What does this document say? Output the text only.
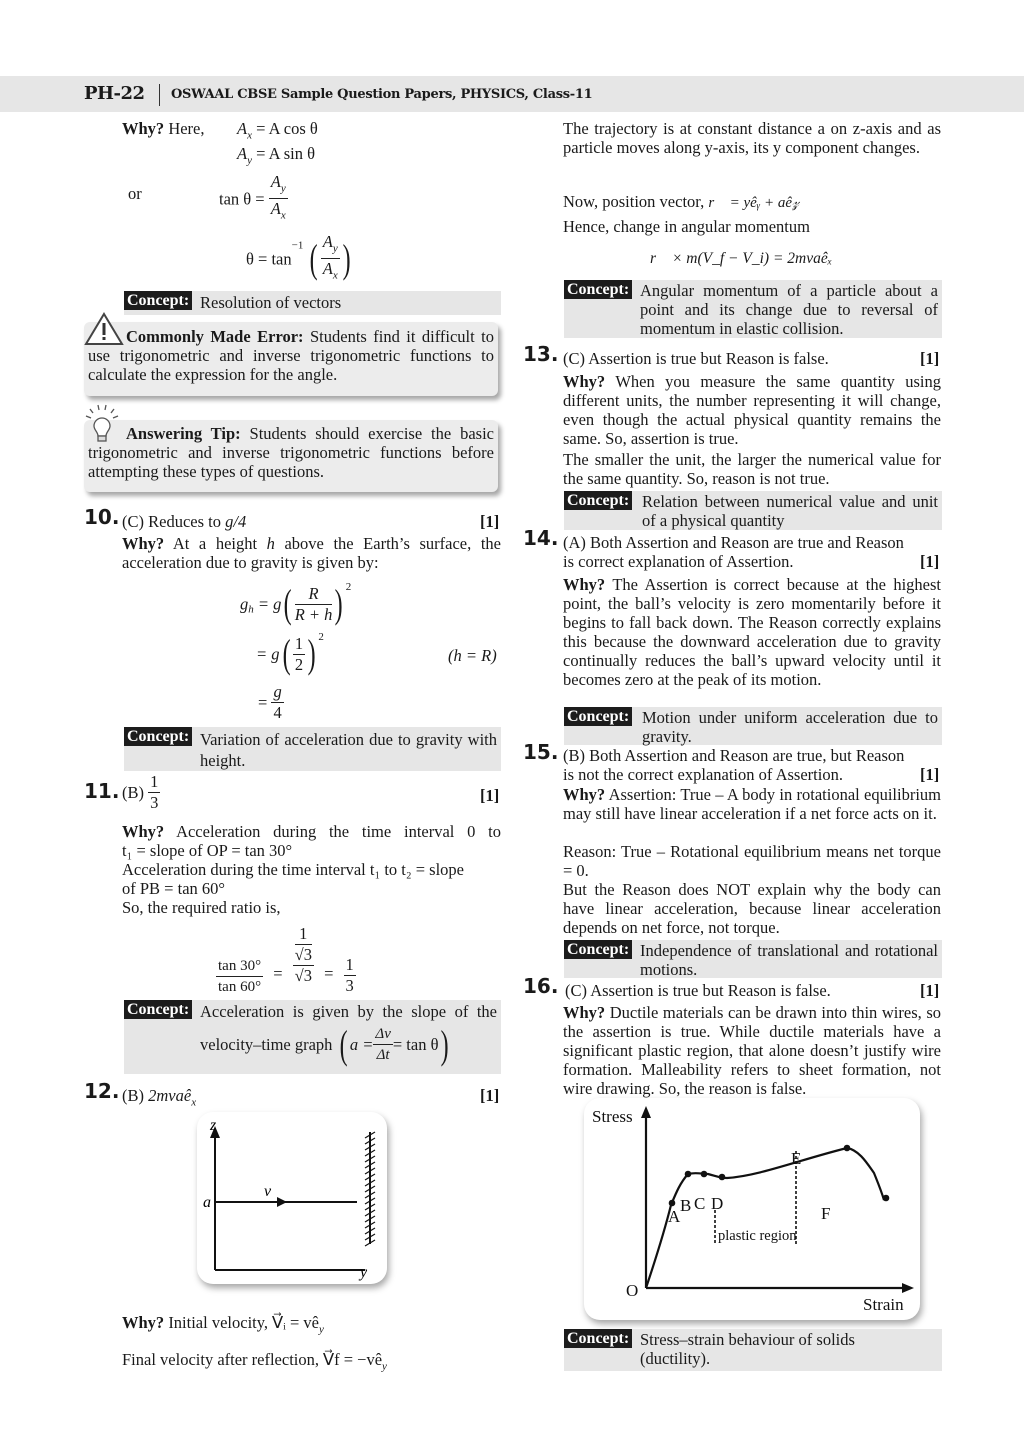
PH-22 OSWAAL CBSE Sample Question Papers, PHYSICS, Class-11
Why? Here, $A_x = A$ cos θ
$A_y = A$ sin θ
or	$\tan \theta = \frac{A_y}{A_x}$
$\theta = \tan^{-1}$ ( $\frac{A_y}{A_x}$ )
Concept: Resolution of vectors
Commonly Made Error: Students find it difficult to use trigonometric and inverse trigonometric functions to calculate the expression for the angle.
Answering Tip: Students should exercise the basic trigonometric and inverse trigonometric functions before attempting these types of questions.
10. (C) Reduces to g/4	[1]
Why? At a height h above the Earth’s surface, the acceleration due to gravity is given by:
$g_h = g( \frac{R}{R + h}$ ) $^2$
= $g( \frac{1}{2}$ ) $^2$
(h = R)
= $\frac{g}{4}$
Concept: Variation of acceleration due to gravity with height.
11. $(B) \frac{1}{3}$	[1]
Why? Acceleration during the time interval 0 to
t₁ = slope of OP = tan 30°
Acceleration during the time interval t₁ to t₂ = slope
of PB = tan 60°
So, the required ratio is,
$\frac{\tan 30^\circ}{\tan 60^\circ} = 1$
√3
$√3 = \frac{1}{3}$
Concept: Acceleration is given by the slope of the
velocity–time graph ( $a = \frac{\Delta v}{\Delta t} = \tan \theta$)
12. (B) 2mvaê$_x$	[1]
z
a
v
y
Why? Initial velocity, V⃗ᵢ = $vê_y$
Final velocity after reflection, V⃗f = $-vê_y$
The trajectory is at constant distance a on z-axis and as particle moves along y-axis, its y component changes.
Now, position vector, r⃗ = yêᵧ + aê𝓏
Hence, change in angular momentum
r⃗ × m(V_f − V_i) = 2mvaêₓ
Concept: Angular momentum of a particle about a point and its change due to reversal of momentum in elastic collision.
13. (C) Assertion is true but Reason is false.	[1]
Why? When you measure the same quantity using different units, the number representing it will change, even though the actual physical quantity remains the same. So, assertion is true.
The smaller the unit, the larger the numerical value for the same quantity. So, reason is not true.
Concept: Relation between numerical value and unit of a physical quantity
14. (A) Both Assertion and Reason are true and Reason
is correct explanation of Assertion.	[1]
Why? The Assertion is correct because at the highest point, the ball’s velocity is zero momentarily before it begins to fall back down. The Reason correctly explains this because the downward acceleration due to gravity continually reduces the ball’s upward velocity until it becomes zero at the peak of its motion.
Concept: Motion under uniform acceleration due to gravity.
15. (B) Both Assertion and Reason are true, but Reason
is not the correct explanation of Assertion.	[1]
Why? Assertion: True – A body in rotational equilibrium may still have linear acceleration if a net force acts on it.
Reason: True – Rotational equilibrium means net torque = 0.
But the Reason does NOT explain why the body can have linear acceleration, because linear acceleration depends on net force, not torque.
Concept: Independence of translational and rotational motions.
16. (C) Assertion is true but Reason is false.	[1]
Why? Ductile materials can be drawn into thin wires, so the assertion is true. While ductile materials have a significant plastic region, that alone doesn’t justify wire formation. Malleability refers to sheet formation, not wire drawing. So, the reason is false.
Stress
Strain
O
A
B C D
E
F
plastic region
Concept: Stress–strain behaviour of solids (ductility).
